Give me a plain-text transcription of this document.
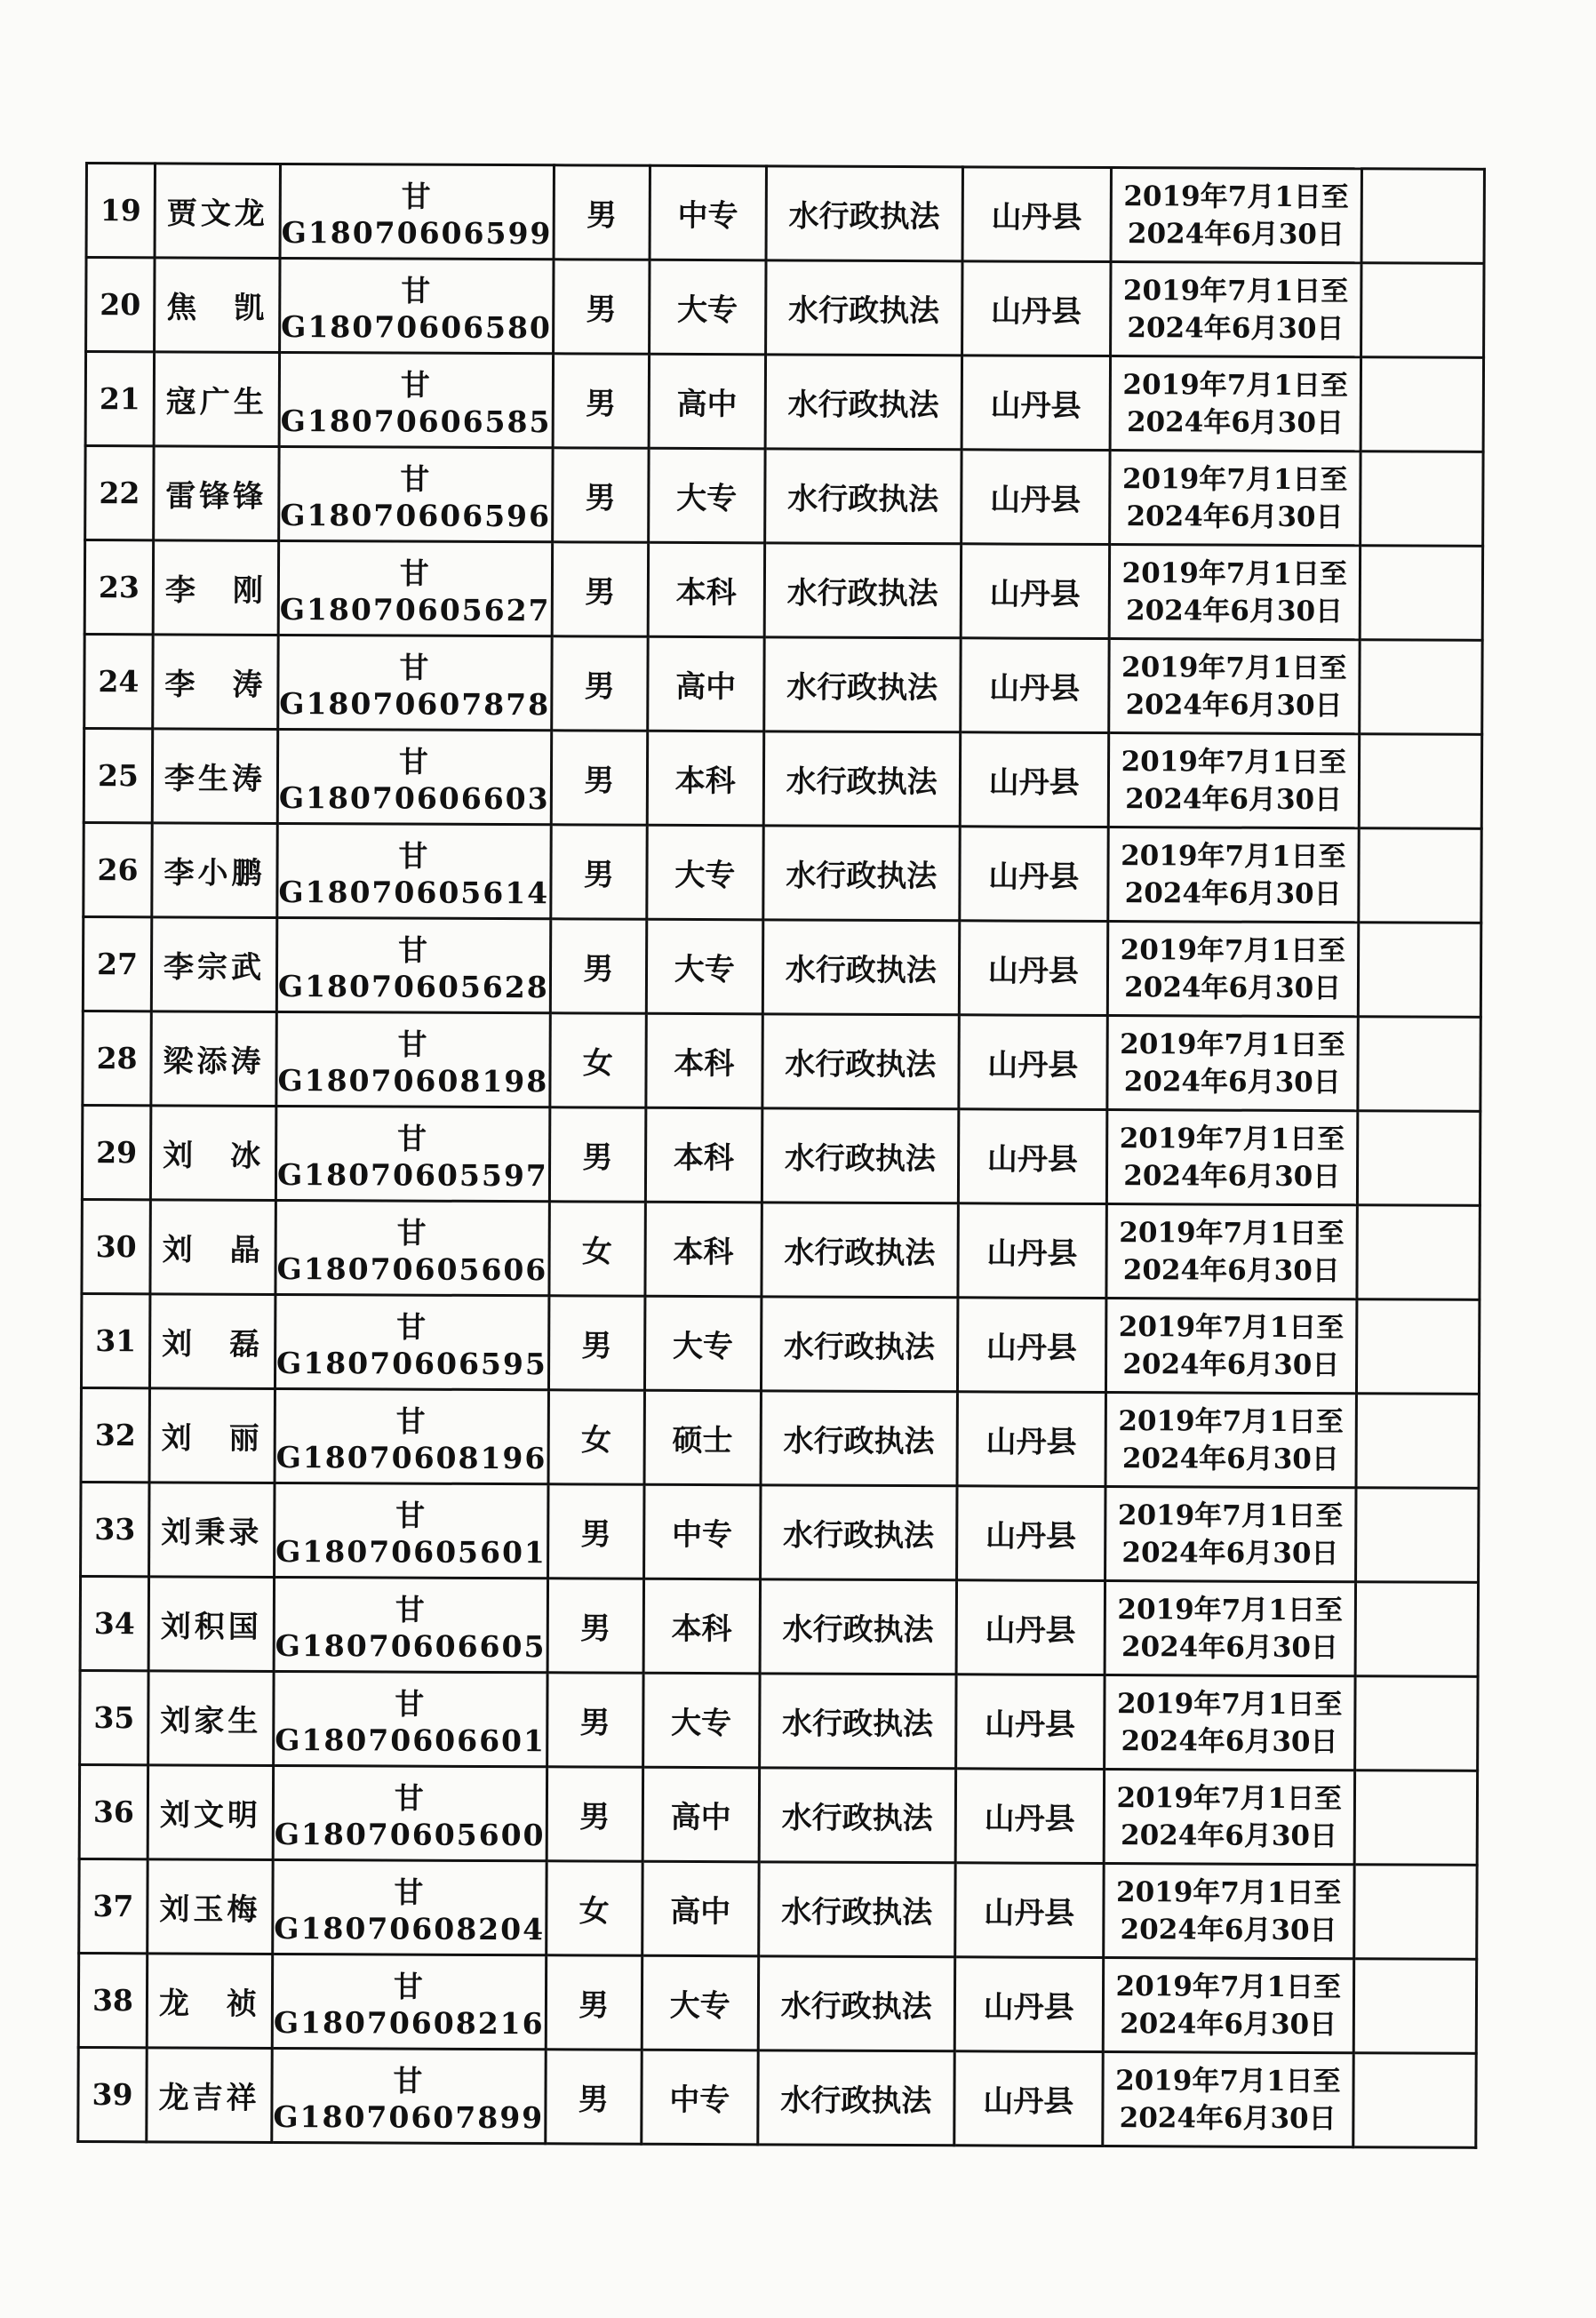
19	贾文龙	甘G18070606599	男	中专	水行政执法	山丹县	2019年7月1日至
2024年6月30日	

20	焦　凯	甘G18070606580	男	大专	水行政执法	山丹县	2019年7月1日至
2024年6月30日	

21	寇广生	甘G18070606585	男	高中	水行政执法	山丹县	2019年7月1日至
2024年6月30日	

22	雷锋锋	甘G18070606596	男	大专	水行政执法	山丹县	2019年7月1日至
2024年6月30日	

23	李　刚	甘G18070605627	男	本科	水行政执法	山丹县	2019年7月1日至
2024年6月30日	

24	李　涛	甘G18070607878	男	高中	水行政执法	山丹县	2019年7月1日至
2024年6月30日	

25	李生涛	甘G18070606603	男	本科	水行政执法	山丹县	2019年7月1日至
2024年6月30日	

26	李小鹏	甘G18070605614	男	大专	水行政执法	山丹县	2019年7月1日至
2024年6月30日	

27	李宗武	甘G18070605628	男	大专	水行政执法	山丹县	2019年7月1日至
2024年6月30日	

28	梁添涛	甘G18070608198	女	本科	水行政执法	山丹县	2019年7月1日至
2024年6月30日	

29	刘　冰	甘G18070605597	男	本科	水行政执法	山丹县	2019年7月1日至
2024年6月30日	

30	刘　晶	甘G18070605606	女	本科	水行政执法	山丹县	2019年7月1日至
2024年6月30日	

31	刘　磊	甘G18070606595	男	大专	水行政执法	山丹县	2019年7月1日至
2024年6月30日	

32	刘　丽	甘G18070608196	女	硕士	水行政执法	山丹县	2019年7月1日至
2024年6月30日	

33	刘秉录	甘G18070605601	男	中专	水行政执法	山丹县	2019年7月1日至
2024年6月30日	

34	刘积国	甘G18070606605	男	本科	水行政执法	山丹县	2019年7月1日至
2024年6月30日	

35	刘家生	甘G18070606601	男	大专	水行政执法	山丹县	2019年7月1日至
2024年6月30日	

36	刘文明	甘G18070605600	男	高中	水行政执法	山丹县	2019年7月1日至
2024年6月30日	

37	刘玉梅	甘G18070608204	女	高中	水行政执法	山丹县	2019年7月1日至
2024年6月30日	

38	龙　祯	甘G18070608216	男	大专	水行政执法	山丹县	2019年7月1日至
2024年6月30日	

39	龙吉祥	甘G18070607899	男	中专	水行政执法	山丹县	2019年7月1日至
2024年6月30日	
